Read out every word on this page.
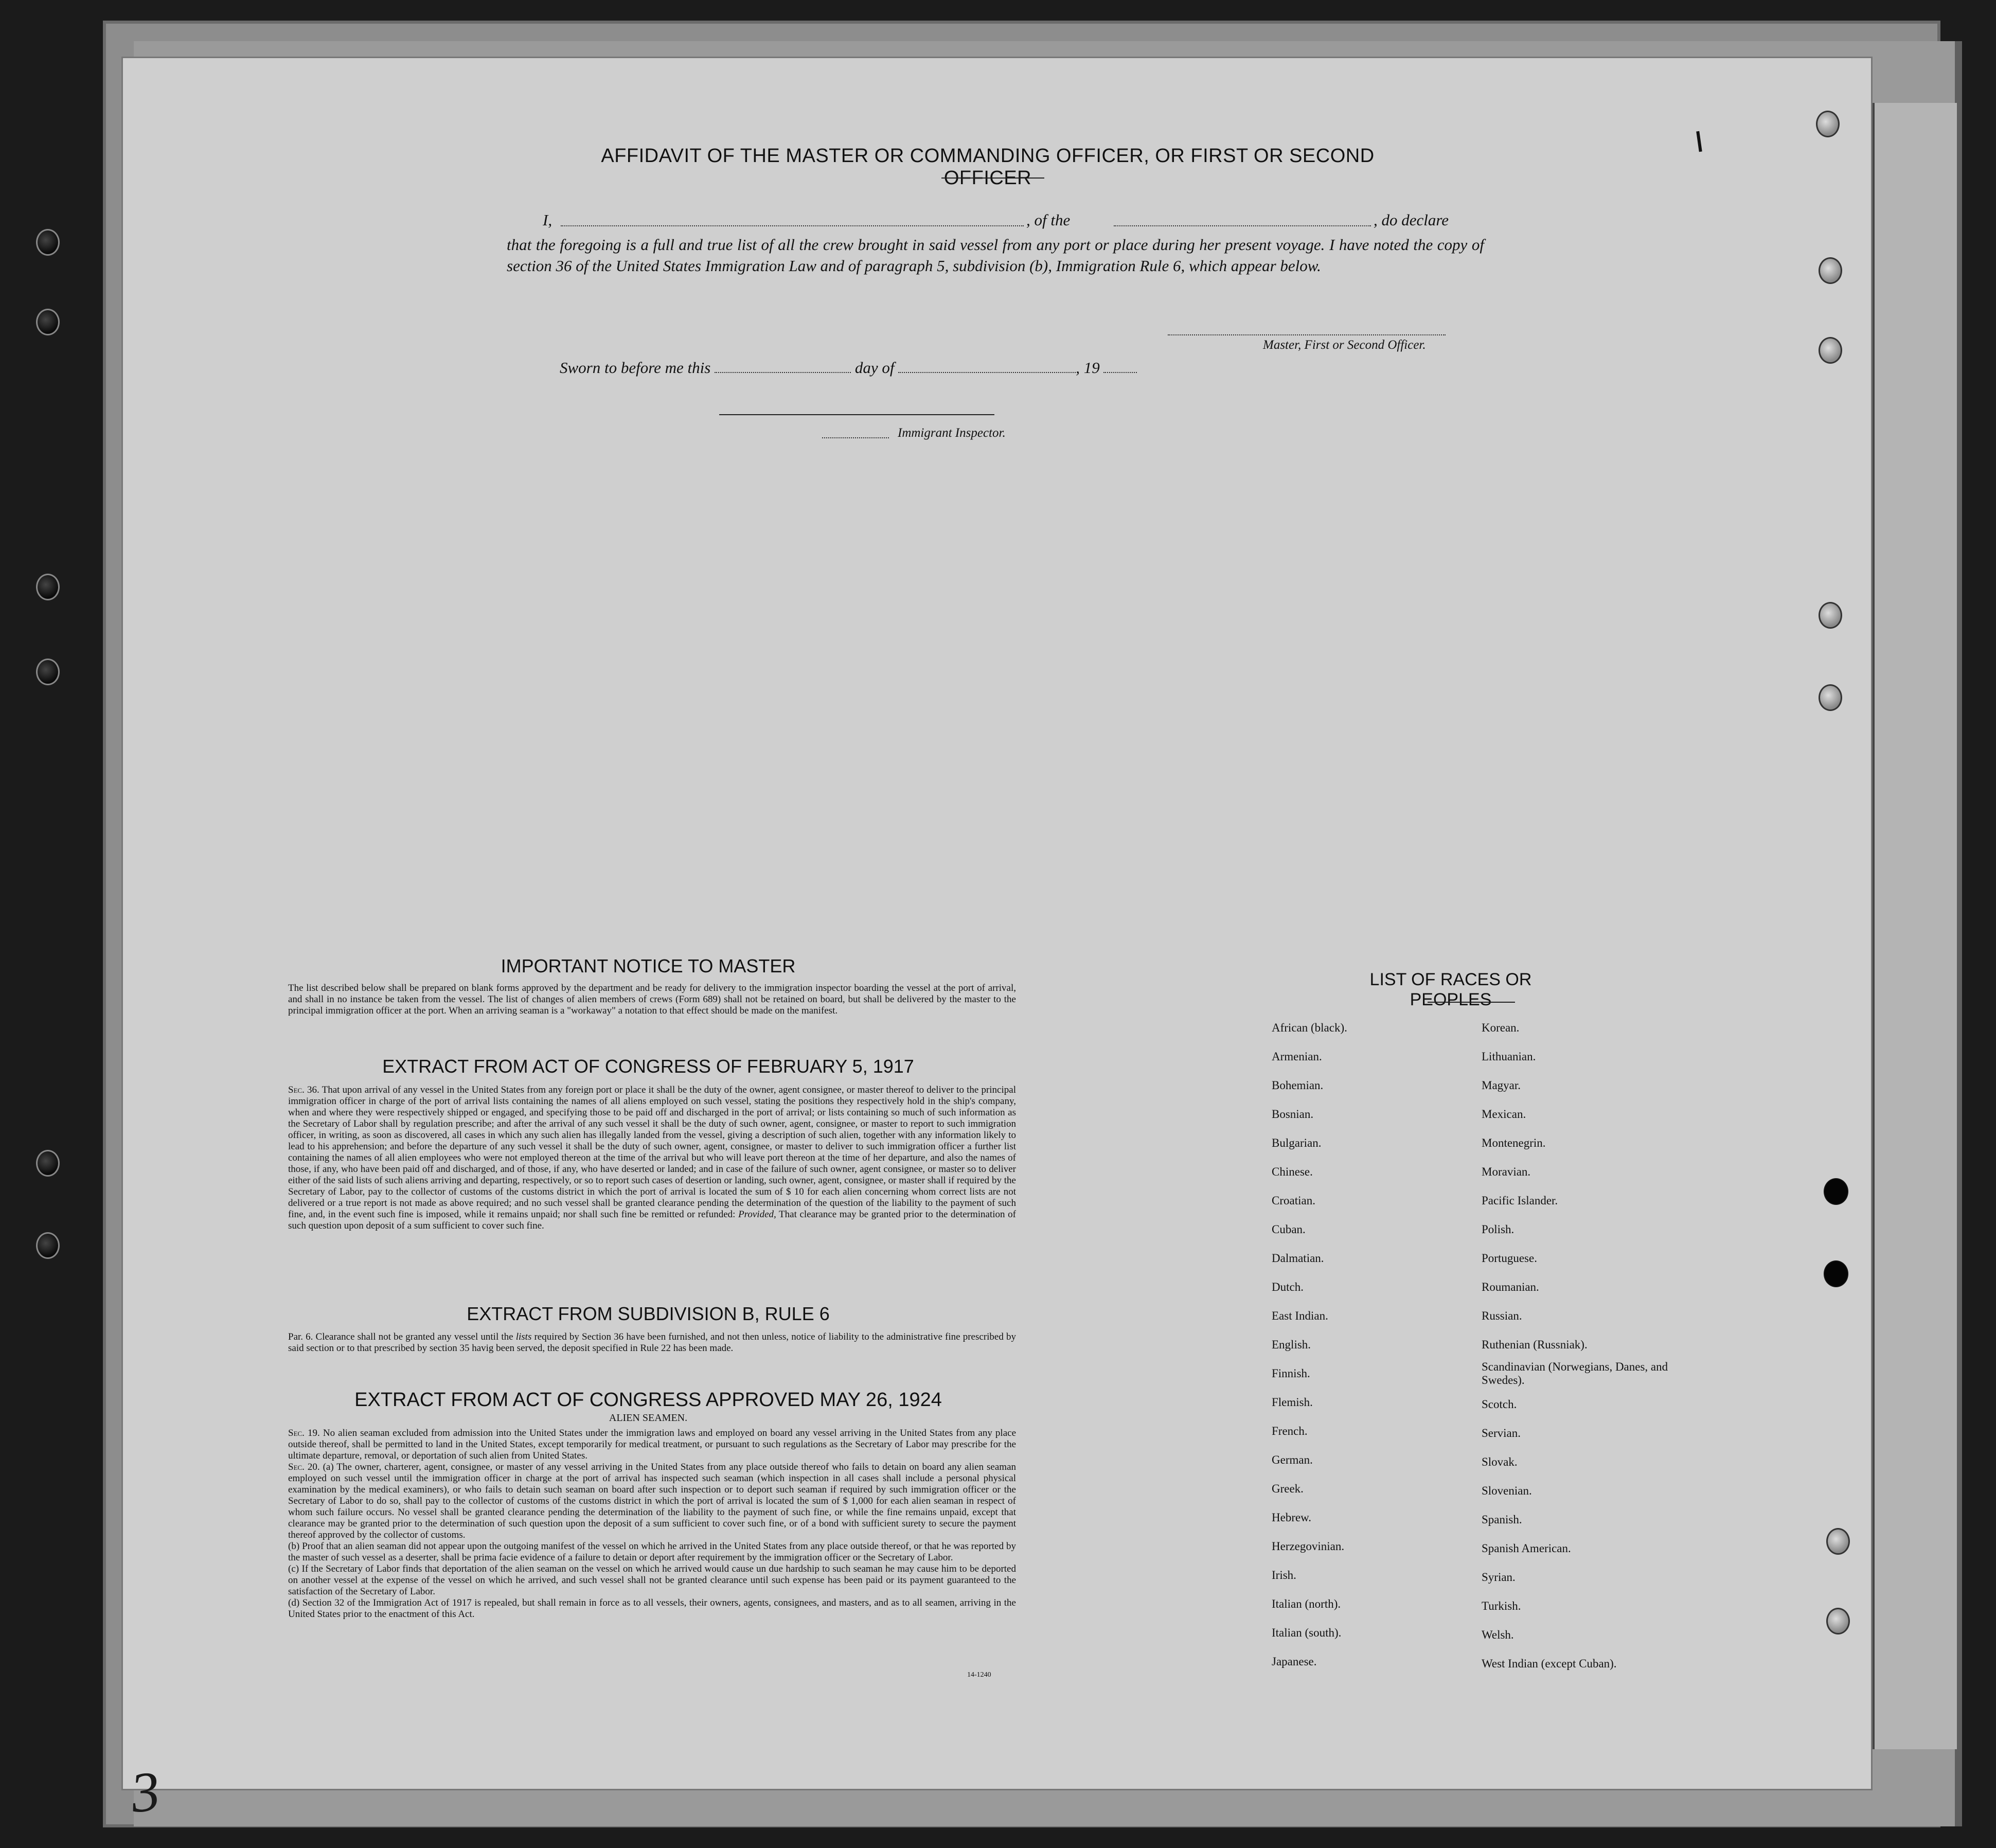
AFFIDAVIT OF THE MASTER OR COMMANDING OFFICER, OR FIRST OR SECOND OFFICER
I,	, of the	, do declare
that the foregoing is a full and true list of all the crew brought in said vessel from any port or place during her present voyage. I have noted the copy of section 36 of the United States Immigration Law and of paragraph 5, subdivision (b), Immigration Rule 6, which appear below.
Master, First or Second Officer.
Sworn to before me this	day of	, 19
Immigrant Inspector.
IMPORTANT NOTICE TO MASTER
The list described below shall be prepared on blank forms approved by the department and be ready for delivery to the immigration inspector boarding the vessel at the port of arrival, and shall in no instance be taken from the vessel. The list of changes of alien members of crews (Form 689) shall not be retained on board, but shall be delivered by the master to the principal immigration officer at the port. When an arriving seaman is a "workaway" a notation to that effect should be made on the manifest.
EXTRACT FROM ACT OF CONGRESS OF FEBRUARY 5, 1917
Sec. 36. That upon arrival of any vessel in the United States from any foreign port or place it shall be the duty of the owner, agent consignee, or master thereof to deliver to the principal immigration officer in charge of the port of arrival lists containing the names of all aliens employed on such vessel, stating the positions they respectively hold in the ship's company, when and where they were respectively shipped or engaged, and specifying those to be paid off and discharged in the port of arrival; or lists containing so much of such information as the Secretary of Labor shall by regulation prescribe; and after the arrival of any such vessel it shall be the duty of such owner, agent, consignee, or master to report to such immigration officer, in writing, as soon as discovered, all cases in which any such alien has illegally landed from the vessel, giving a description of such alien, together with any information likely to lead to his apprehension; and before the departure of any such vessel it shall be the duty of such owner, agent, consignee, or master to deliver to such immigration officer a further list containing the names of all alien employees who were not employed thereon at the time of the arrival but who will leave port thereon at the time of her departure, and also the names of those, if any, who have been paid off and discharged, and of those, if any, who have deserted or landed; and in case of the failure of such owner, agent consignee, or master so to deliver either of the said lists of such aliens arriving and departing, respectively, or so to report such cases of desertion or landing, such owner, agent, consignee, or master shall if required by the Secretary of Labor, pay to the collector of customs of the customs district in which the port of arrival is located the sum of $ 10 for each alien concerning whom correct lists are not delivered or a true report is not made as above required; and no such vessel shall be granted clearance pending the determination of the question of the liability to the payment of such fine, and, in the event such fine is imposed, while it remains unpaid; nor shall such fine be remitted or refunded: Provided, That clearance may be granted prior to the determination of such question upon deposit of a sum sufficient to cover such fine.
EXTRACT FROM SUBDIVISION B, RULE 6
Par. 6. Clearance shall not be granted any vessel until the lists required by Section 36 have been furnished, and not then unless, notice of liability to the administrative fine prescribed by said section or to that prescribed by section 35 havig been served, the deposit specified in Rule 22 has been made.
EXTRACT FROM ACT OF CONGRESS APPROVED MAY 26, 1924
ALIEN SEAMEN.
Sec. 19. No alien seaman excluded from admission into the United States under the immigration laws and employed on board any vessel arriving in the United States from any place outside thereof, shall be permitted to land in the United States, except temporarily for medical treatment, or pursuant to such regulations as the Secretary of Labor may prescribe for the ultimate departure, removal, or deportation of such alien from United States.
Sec. 20. (a) The owner, charterer, agent, consignee, or master of any vessel arriving in the United States from any place outside thereof who fails to detain on board any alien seaman employed on such vessel until the immigration officer in charge at the port of arrival has inspected such seaman (which inspection in all cases shall include a personal physical examination by the medical examiners), or who fails to detain such seaman on board after such inspection or to deport such seaman if required by such immigration officer or the Secretary of Labor to do so, shall pay to the collector of customs of the customs district in which the port of arrival is located the sum of $ 1,000 for each alien seaman in respect of whom such failure occurs. No vessel shall be granted clearance pending the determination of the liability to the payment of such fine, or while the fine remains unpaid, except that clearance may be granted prior to the determination of such question upon the deposit of a sum sufficient to cover such fine, or of a bond with sufficient surety to secure the payment thereof approved by the collector of customs.
(b) Proof that an alien seaman did not appear upon the outgoing manifest of the vessel on which he arrived in the United States from any place outside thereof, or that he was reported by the master of such vessel as a deserter, shall be prima facie evidence of a failure to detain or deport after requirement by the immigration officer or the Secretary of Labor.
(c) If the Secretary of Labor finds that deportation of the alien seaman on the vessel on which he arrived would cause un due hardship to such seaman he may cause him to be deported on another vessel at the expense of the vessel on which he arrived, and such vessel shall not be granted clearance until such expense has been paid or its payment guaranteed to the satisfaction of the Secretary of Labor.
(d) Section 32 of the Immigration Act of 1917 is repealed, but shall remain in force as to all vessels, their owners, agents, consignees, and masters, and as to all seamen, arriving in the United States prior to the enactment of this Act.
14-1240
LIST OF RACES OR PEOPLES
African (black).
Armenian.
Bohemian.
Bosnian.
Bulgarian.
Chinese.
Croatian.
Cuban.
Dalmatian.
Dutch.
East Indian.
English.
Finnish.
Flemish.
French.
German.
Greek.
Hebrew.
Herzegovinian.
Irish.
Italian (north).
Italian (south).
Japanese.
Korean.
Lithuanian.
Magyar.
Mexican.
Montenegrin.
Moravian.
Pacific Islander.
Polish.
Portuguese.
Roumanian.
Russian.
Ruthenian (Russniak).
Scandinavian (Norwegians, Danes, and Swedes).
Scotch.
Servian.
Slovak.
Slovenian.
Spanish.
Spanish American.
Syrian.
Turkish.
Welsh.
West Indian (except Cuban).
3
